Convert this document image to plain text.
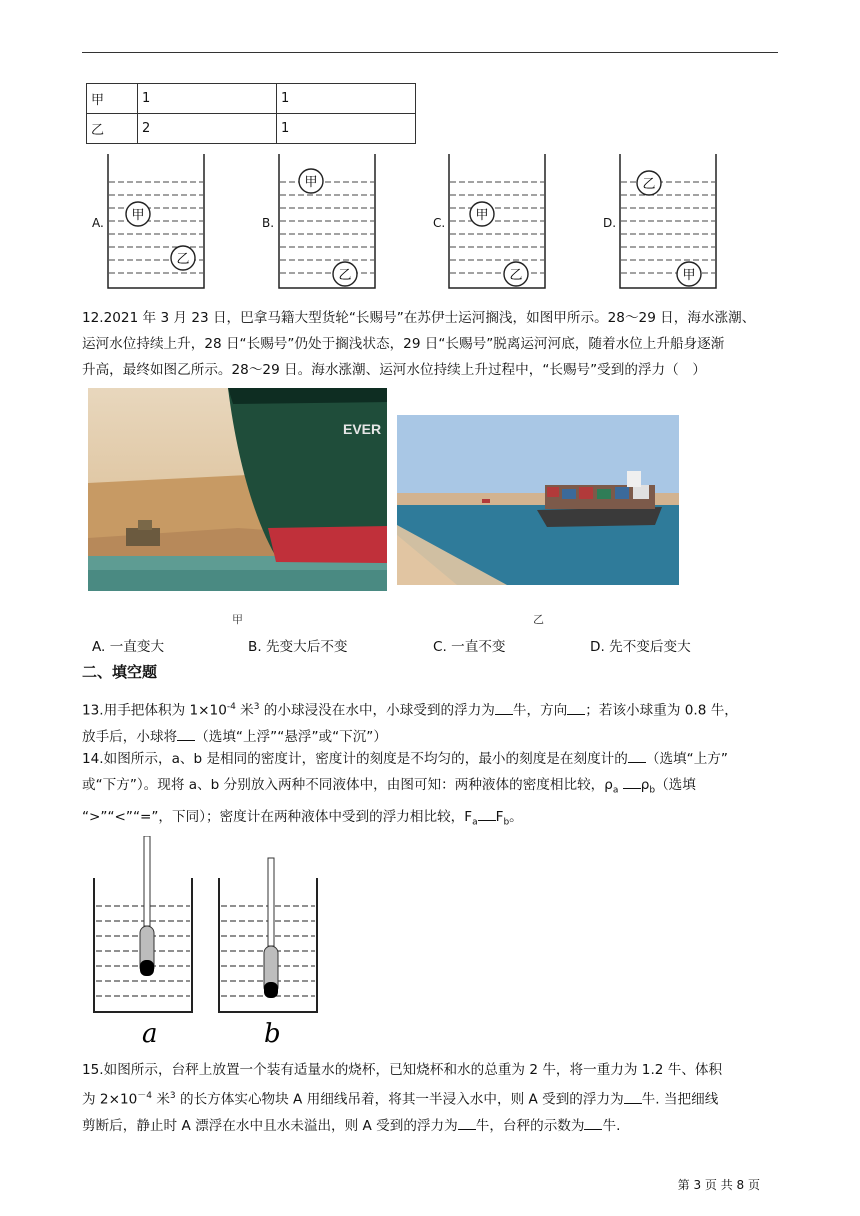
甲	1	1
乙	2	1
A.	B.	C.	D.
甲
乙
甲
乙
甲
乙
乙
甲
12.2021 年 3 月 23 日，巴拿马籍大型货轮“长赐号”在苏伊士运河搁浅，如图甲所示。28～29 日，海水涨潮、
运河水位持续上升，28 日“长赐号”仍处于搁浅状态，29 日“长赐号”脱离运河河底，随着水位上升船身逐渐
升高，最终如图乙所示。28～29 日。海水涨潮、运河水位持续上升过程中，“长赐号”受到的浮力（　）
EVER
甲	乙
A. 一直变大	B. 先变大后不变	C. 一直不变	D. 先不变后变大
二、填空题
13.用手把体积为 $1\times 10^{-4}$ 米$^3$ 的小球浸没在水中，小球受到的浮力为 牛，方向 ；若该小球重为 0.8 牛，
放手后，小球将 （选填“上浮”“悬浮”或“下沉”）
14.如图所示，a、b 是相同的密度计，密度计的刻度是不均匀的，最小的刻度是在刻度计的 （选填“上方”
或“下方”）。现将 a、b 分别放入两种不同液体中，由图可知：两种液体的密度相比较，$\rho_a$ $\rho_b$（选填
“>”“<”“=”，下同）；密度计在两种液体中受到的浮力相比较，$F_a$ $F_b$。
a	b
15.如图所示，台秤上放置一个装有适量水的烧杯，已知烧杯和水的总重为 2 牛，将一重力为 1.2 牛、体积
为 $2\times 10^{-4}$ 米$^3$ 的长方体实心物块 A 用细线吊着，将其一半浸入水中，则 A 受到的浮力为 牛. 当把细线
剪断后，静止时 A 漂浮在水中且水未溢出，则 A 受到的浮力为 牛，台秤的示数为 牛.
第 3 页 共 8 页
